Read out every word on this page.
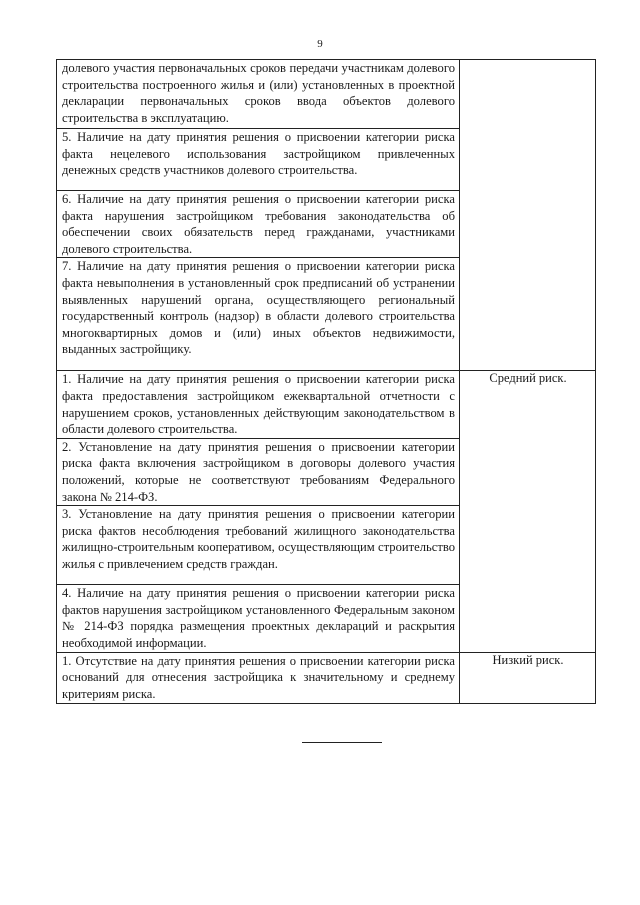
9
долевого участия первоначальных сроков передачи участникам долевого строительства построенного жилья и (или) установленных в проектной декларации первоначальных сроков ввода объектов долевого строительства в эксплуатацию.	

5. Наличие на дату принятия решения о присвоении категории риска факта нецелевого использования застройщиком привлеченных денежных средств участников долевого строительства.	

6. Наличие на дату принятия решения о присвоении категории риска факта нарушения застройщиком требования законодательства об обеспечении своих обязательств перед гражданами, участниками долевого строительства.	

7. Наличие на дату принятия решения о присвоении категории риска факта невыполнения в установленный срок предписаний об устранении выявленных нарушений органа, осуществляющего региональный государственный контроль (надзор) в области долевого строительства многоквартирных домов и (или) иных объектов недвижимости, выданных застройщику.	

1. Наличие на дату принятия решения о присвоении категории риска факта предоставления застройщиком ежеквартальной отчетности с нарушением сроков, установленных действующим законодательством в области долевого строительства.	Средний риск.

2. Установление на дату принятия решения о присвоении категории риска факта включения застройщиком в договоры долевого участия положений, которые не соответствуют требованиям Федерального закона № 214-ФЗ.	

3. Установление на дату принятия решения о присвоении категории риска фактов несоблюдения требований жилищного законодательства жилищно-строительным кооперативом, осуществляющим строительство жилья с привлечением средств граждан.	

4. Наличие на дату принятия решения о присвоении категории риска фактов нарушения застройщиком установленного Федеральным законом № 214-ФЗ порядка размещения проектных деклараций и раскрытия необходимой информации.	

1. Отсутствие на дату принятия решения о присвоении категории риска оснований для отнесения застройщика к значительному и среднему критериям риска.	Низкий риск.
